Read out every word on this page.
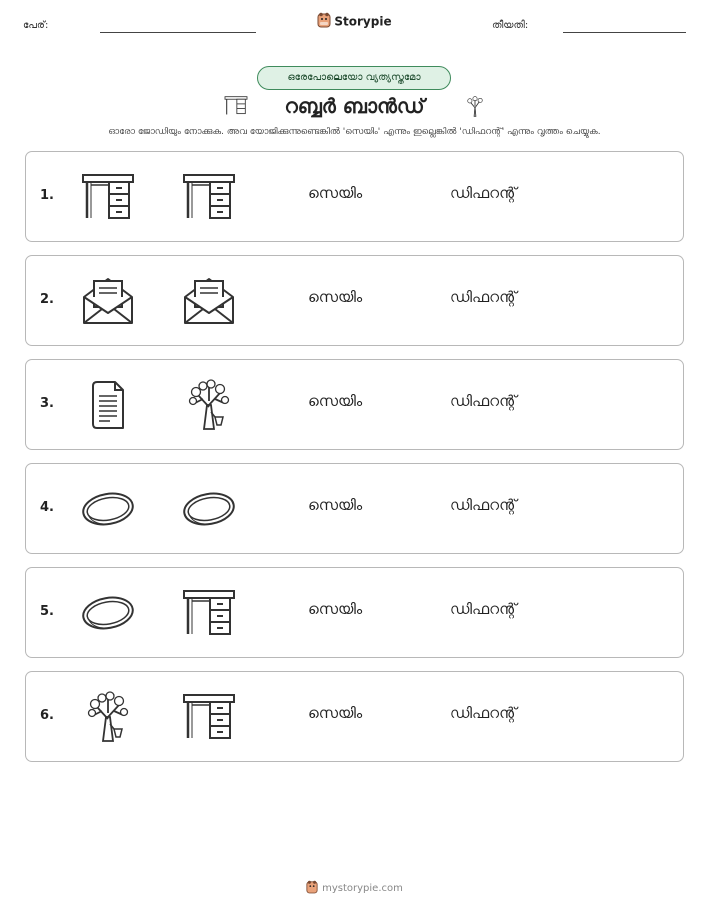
പേര്:	Storypie	തീയതി:
ഒരേപോലെയോ വ്യത്യസ്തമോ
റബ്ബർ ബാൻഡ്
ഓരോ ജോഡിയും നോക്കുക. അവ യോജിക്കുന്നുണ്ടെങ്കിൽ 'സെയിം' എന്നും ഇല്ലെങ്കിൽ 'ഡിഫറന്റ്' എന്നും വൃത്തം ചെയ്യുക.
1.	സെയിം	ഡിഫറന്റ്
2.	സെയിം	ഡിഫറന്റ്
3.	സെയിം	ഡിഫറന്റ്
4.	സെയിം	ഡിഫറന്റ്
5.	സെയിം	ഡിഫറന്റ്
6.	സെയിം	ഡിഫറന്റ്
mystorypie.com
